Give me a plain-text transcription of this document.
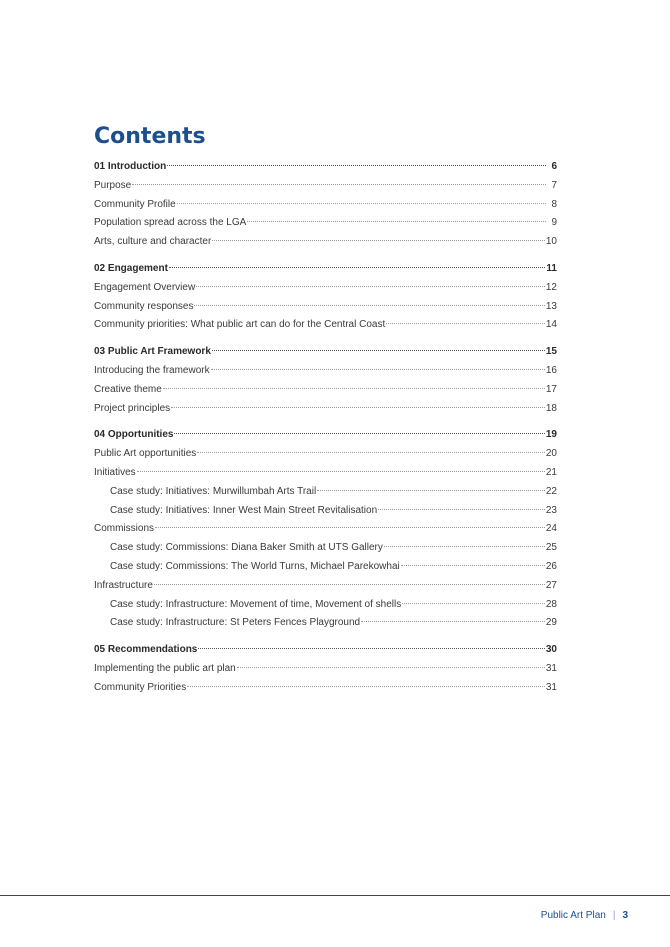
Contents
01 Introduction	6
Purpose	7
Community Profile	8
Population spread across the LGA	9
Arts, culture and character	10
02 Engagement	11
Engagement Overview	12
Community responses	13
Community priorities: What public art can do for the Central Coast	14
03 Public Art Framework	15
Introducing the framework	16
Creative theme	17
Project principles	18
04 Opportunities	19
Public Art opportunities	20
Initiatives	21
Case study: Initiatives: Murwillumbah Arts Trail	22
Case study: Initiatives: Inner West Main Street Revitalisation	23
Commissions	24
Case study: Commissions: Diana Baker Smith at UTS Gallery	25
Case study: Commissions: The World Turns, Michael Parekowhai	26
Infrastructure	27
Case study: Infrastructure: Movement of time, Movement of shells	28
Case study: Infrastructure: St Peters Fences Playground	29
05 Recommendations	30
Implementing the public art plan	31
Community Priorities	31
Public Art Plan | 3
